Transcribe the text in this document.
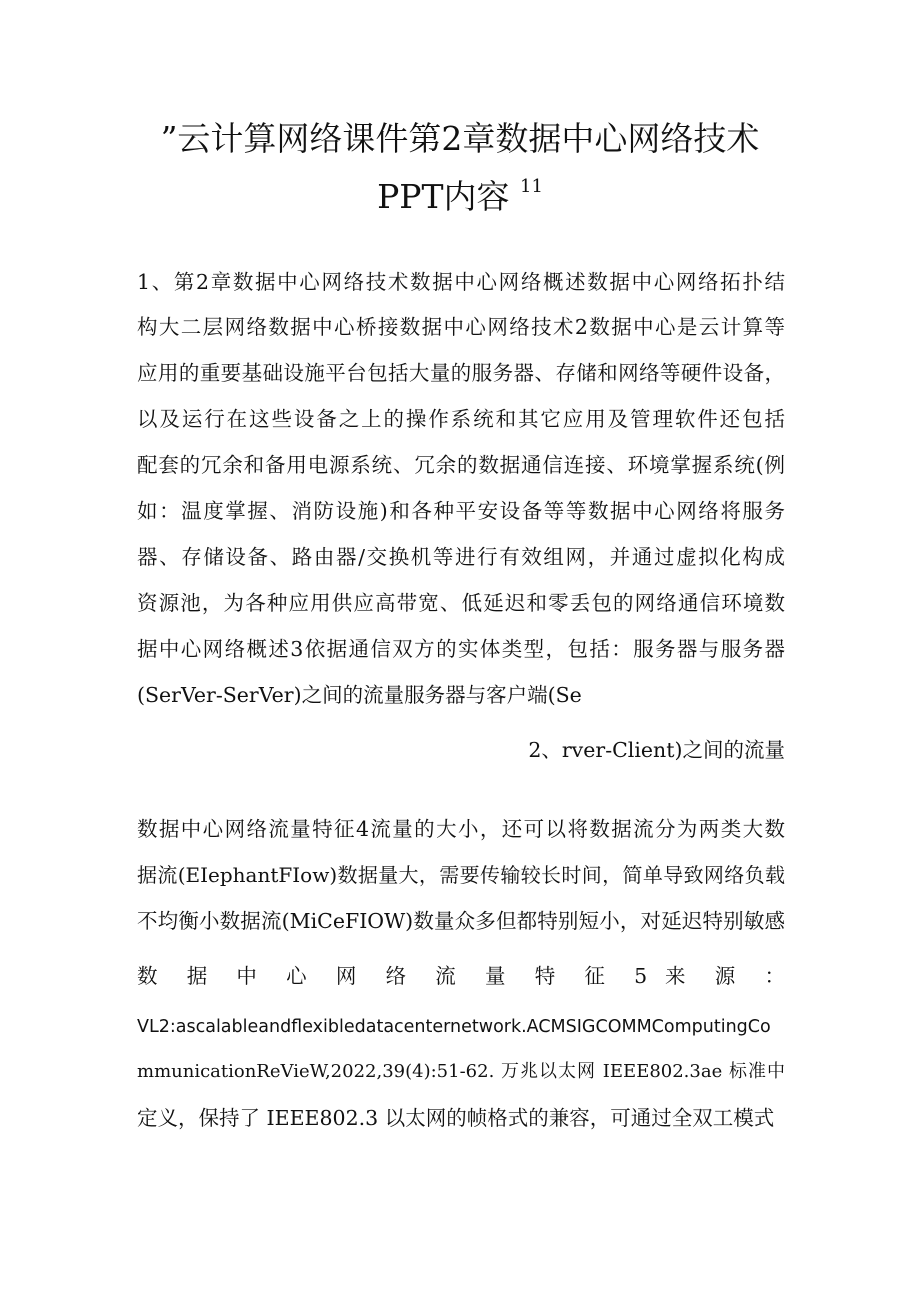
”云计算网络课件第2章数据中心网络技术
PPT内容 $^{11}$
1、第2章数据中心网络技术数据中心网络概述数据中心网络拓扑结
构大二层网络数据中心桥接数据中心网络技术2数据中心是云计算等
应用的重要基础设施平台包括大量的服务器、存储和网络等硬件设备，
以及运行在这些设备之上的操作系统和其它应用及管理软件还包括
配套的冗余和备用电源系统、冗余的数据通信连接、环境掌握系统(例
如：温度掌握、消防设施)和各种平安设备等等数据中心网络将服务
器、存储设备、路由器/交换机等进行有效组网，并通过虚拟化构成
资源池，为各种应用供应高带宽、低延迟和零丢包的网络通信环境数
据中心网络概述3依据通信双方的实体类型，包括：服务器与服务器
(SerVer-SerVer)之间的流量服务器与客户端(Se
2、rver-Client)之间的流量
数据中心网络流量特征4流量的大小，还可以将数据流分为两类大数
据流(EIephantFIow)数据量大，需要传输较长时间，简单导致网络负载
不均衡小数据流(MiCeFIOW)数量众多但都特别短小，对延迟特别敏感
数 据 中 心 网 络 流 量 特 征 5 来 源 ：
VL2:ascalableandflexibledatacenternetwork.ACMSIGCOMMComputingCo
mmunicationReVieW,2022,39(4):51-62. 万兆以太网 IEEE802.3ae 标准中
定义，保持了 IEEE802.3 以太网的帧格式的兼容，可通过全双工模式
